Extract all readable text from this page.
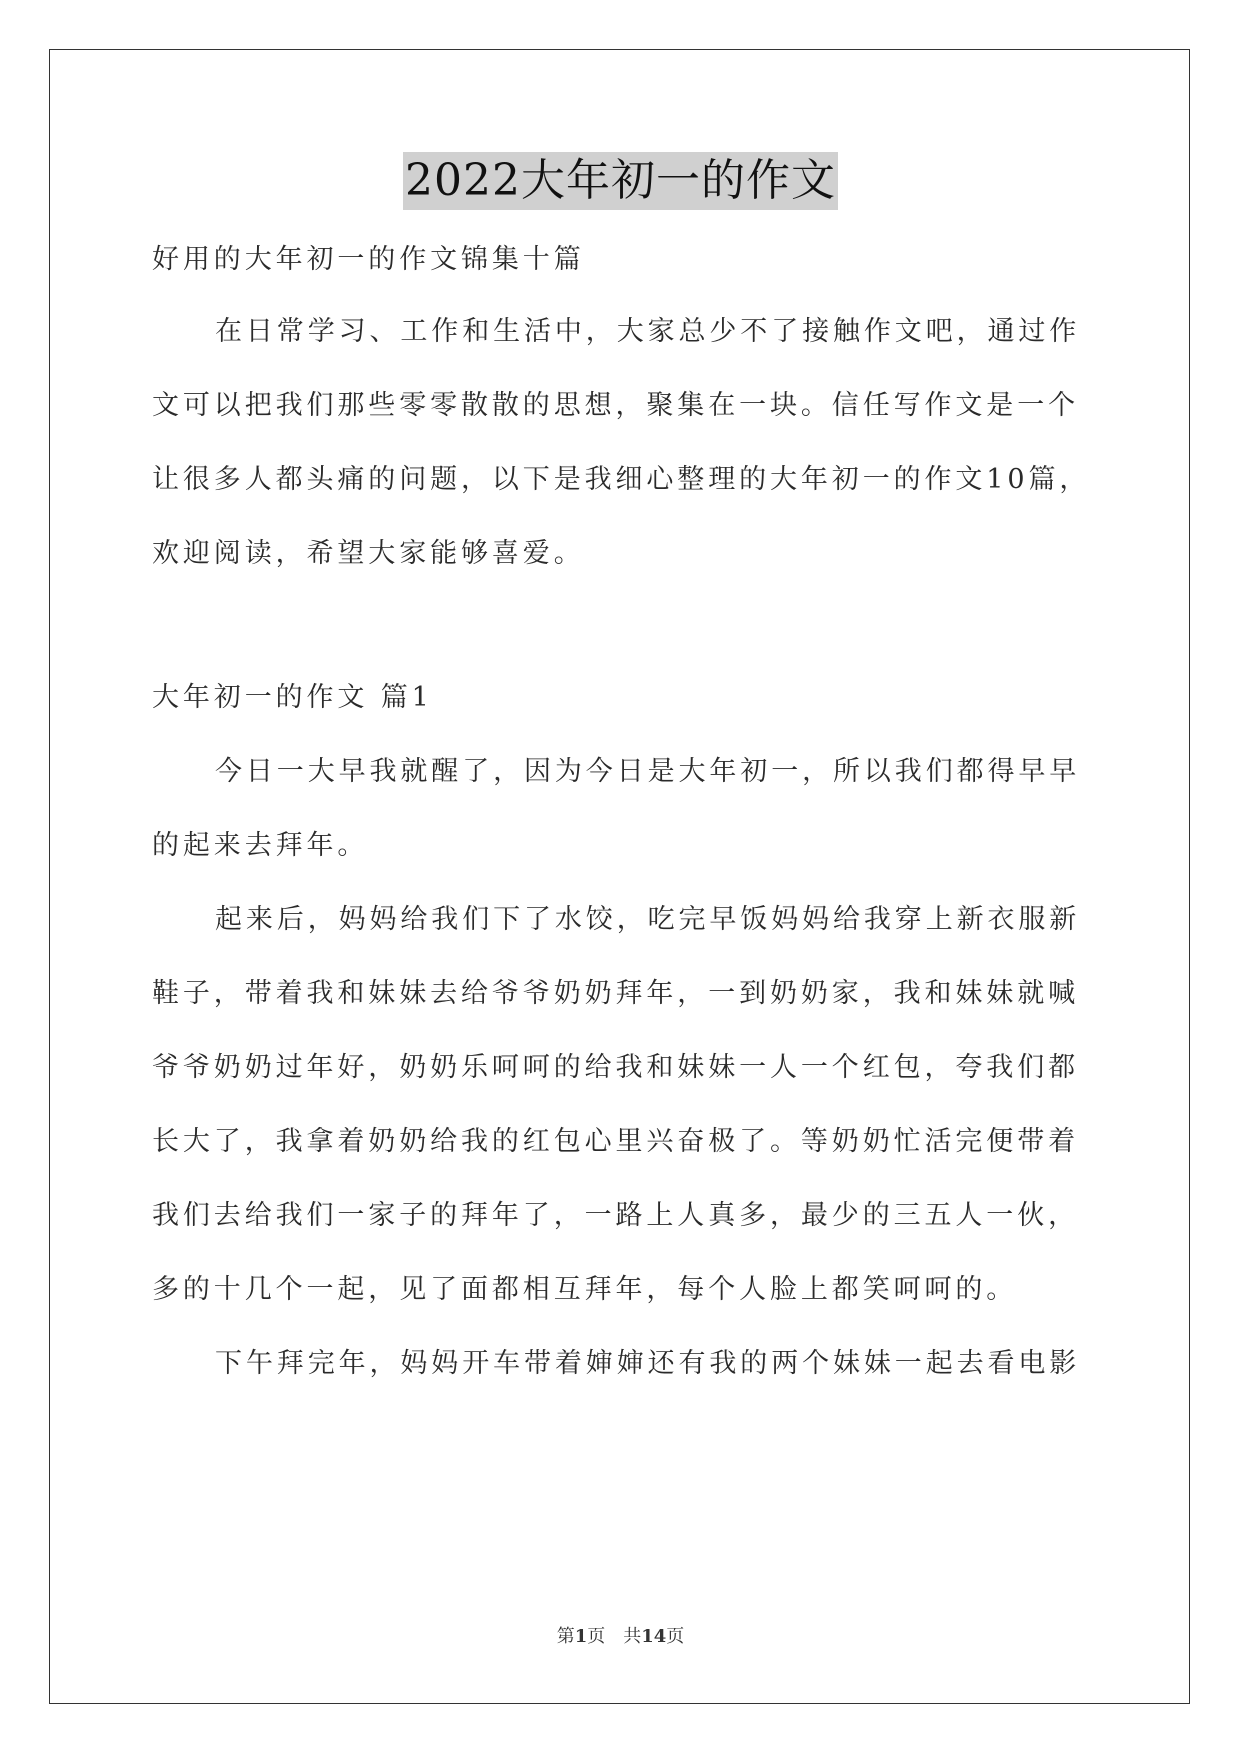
2022大年初一的作文
好用的大年初一的作文锦集十篇
在日常学习、工作和生活中，大家总少不了接触作文吧，通过作
文可以把我们那些零零散散的思想，聚集在一块。信任写作文是一个
让很多人都头痛的问题，以下是我细心整理的大年初一的作文10篇，
欢迎阅读，希望大家能够喜爱。
大年初一的作文 篇1
今日一大早我就醒了，因为今日是大年初一，所以我们都得早早
的起来去拜年。
起来后，妈妈给我们下了水饺，吃完早饭妈妈给我穿上新衣服新
鞋子，带着我和妹妹去给爷爷奶奶拜年，一到奶奶家，我和妹妹就喊
爷爷奶奶过年好，奶奶乐呵呵的给我和妹妹一人一个红包，夸我们都
长大了，我拿着奶奶给我的红包心里兴奋极了。等奶奶忙活完便带着
我们去给我们一家子的拜年了，一路上人真多，最少的三五人一伙，
多的十几个一起，见了面都相互拜年，每个人脸上都笑呵呵的。
下午拜完年，妈妈开车带着婶婶还有我的两个妹妹一起去看电影
第1页　共14页
